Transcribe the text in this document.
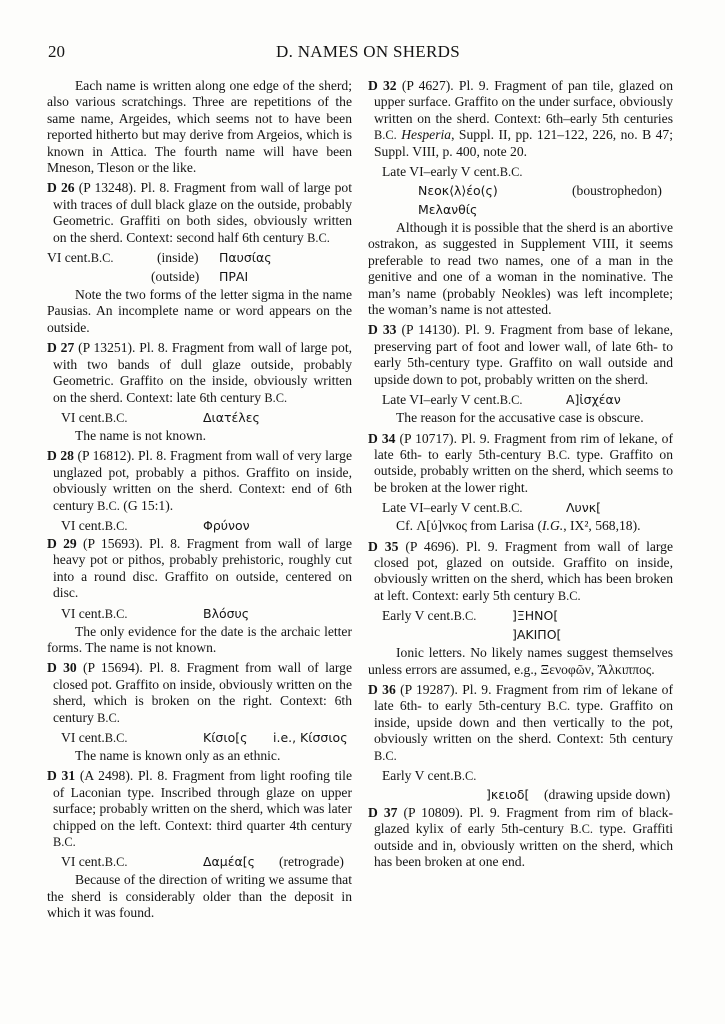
20	D. NAMES ON SHERDS

Each name is written along one edge of the sherd; also various scratchings. Three are repetitions of the same name, Argeides, which seems not to have been reported hitherto but may derive from Argeios, which is known in Attica. The fourth name will have been Mneson, Tleson or the like.

D 26 (P 13248). Pl. 8. Fragment from wall of large pot with traces of dull black glaze on the outside, probably Geometric. Graffiti on both sides, obviously written on the sherd. Context: second half 6th century B.C.

VI cent. B.C.	(inside) Παυσίας
(outside) ΠΡΑΙ

Note the two forms of the letter sigma in the name Pausias. An incomplete name or word appears on the outside.

D 27 (P 13251). Pl. 8. Fragment from wall of large pot, with two bands of dull glaze outside, probably Geometric. Graffito on the inside, obviously written on the sherd. Context: late 6th century B.C.

VI cent. B.C.	Διατέλες

The name is not known.

D 28 (P 16812). Pl. 8. Fragment from wall of very large unglazed pot, probably a pithos. Graffito on inside, obviously written on the sherd. Context: end of 6th century B.C. (G 15:1).

VI cent. B.C.	Φρύνον

D 29 (P 15693). Pl. 8. Fragment from wall of large heavy pot or pithos, probably prehistoric, roughly cut into a round disc. Graffito on outside, centered on disc.

VI cent. B.C.	Βλόσυς

The only evidence for the date is the archaic letter forms. The name is not known.

D 30 (P 15694). Pl. 8. Fragment from wall of large closed pot. Graffito on inside, obviously written on the sherd, which is broken on the right. Context: 6th century B.C.

VI cent. B.C.	Κίσιο[ς i.e., Κίσσιος

The name is known only as an ethnic.

D 31 (A 2498). Pl. 8. Fragment from light roofing tile of Laconian type. Inscribed through glaze on upper surface; probably written on the sherd, which was later chipped on the left. Context: third quarter 4th century B.C.

VI cent. B.C.	Δαμέα[ς (retrograde)

Because of the direction of writing we assume that the sherd is considerably older than the deposit in which it was found.

D 32 (P 4627). Pl. 9. Fragment of pan tile, glazed on upper surface. Graffito on the under surface, obviously written on the sherd. Context: 6th–early 5th centuries B.C. Hesperia, Suppl. II, pp. 121–122, 226, no. B 47; Suppl. VIII, p. 400, note 20.

Late VI–early V cent. B.C.
Νεοκ⟨λ⟩έο(ς)	(boustrophedon)
Μελανθίς

Although it is possible that the sherd is an abortive ostrakon, as suggested in Supplement VIII, it seems preferable to read two names, one of a man in the genitive and one of a woman in the nominative. The man’s name (probably Neokles) was left incomplete; the woman’s name is not attested.

D 33 (P 14130). Pl. 9. Fragment from base of lekane, preserving part of foot and lower wall, of late 6th- to early 5th-century type. Graffito on wall outside and upside down to pot, probably written on the sherd.

Late VI–early V cent. B.C.	Α]ἰσχέαν

The reason for the accusative case is obscure.

D 34 (P 10717). Pl. 9. Fragment from rim of lekane, of late 6th- to early 5th-century B.C. type. Graffito on outside, probably written on the sherd, which seems to be broken at the lower right.

Late VI–early V cent. B.C.	Λυνκ[

Cf. Λ[ύ]νκος from Larisa (I.G., IX², 568,18).

D 35 (P 4696). Pl. 9. Fragment from wall of large closed pot, glazed on outside. Graffito on inside, obviously written on the sherd, which has been broken at left. Context: early 5th century B.C.

Early V cent. B.C.	]ΞΗΝΟ[
]ΑΚΙΠΟ[

Ionic letters. No likely names suggest themselves unless errors are assumed, e.g., Ξενοφῶν, Ἄλκιππος.

D 36 (P 19287). Pl. 9. Fragment from rim of lekane of late 6th- to early 5th-century B.C. type. Graffito on inside, upside down and then vertically to the pot, obviously written on the sherd. Context: 5th century B.C.

Early V cent. B.C.
]κειοδ[ (drawing upside down)

D 37 (P 10809). Pl. 9. Fragment from rim of black-glazed kylix of early 5th-century B.C. type. Graffiti outside and in, obviously written on the sherd, which has been broken at one end.
